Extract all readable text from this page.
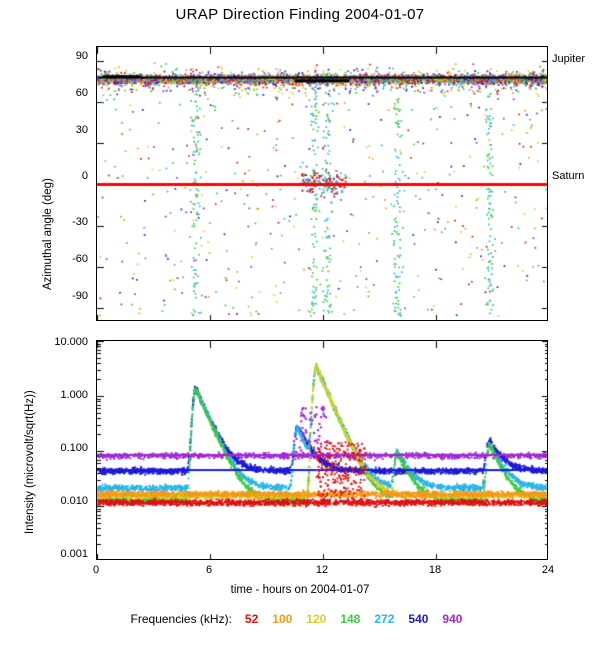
URAP Direction Finding 2004-01-07
90
60
30
0
-30
-60
-90
Azimuthal angle (deg)
Jupiter
Saturn
10.000
1.000
0.100
0.010
0.001
Intensity (microvolt/sqrt(Hz))
0	6	12	18	24
time - hours on 2004-01-07
Frequencies (kHz): 52 100 120 148 272 540 940
